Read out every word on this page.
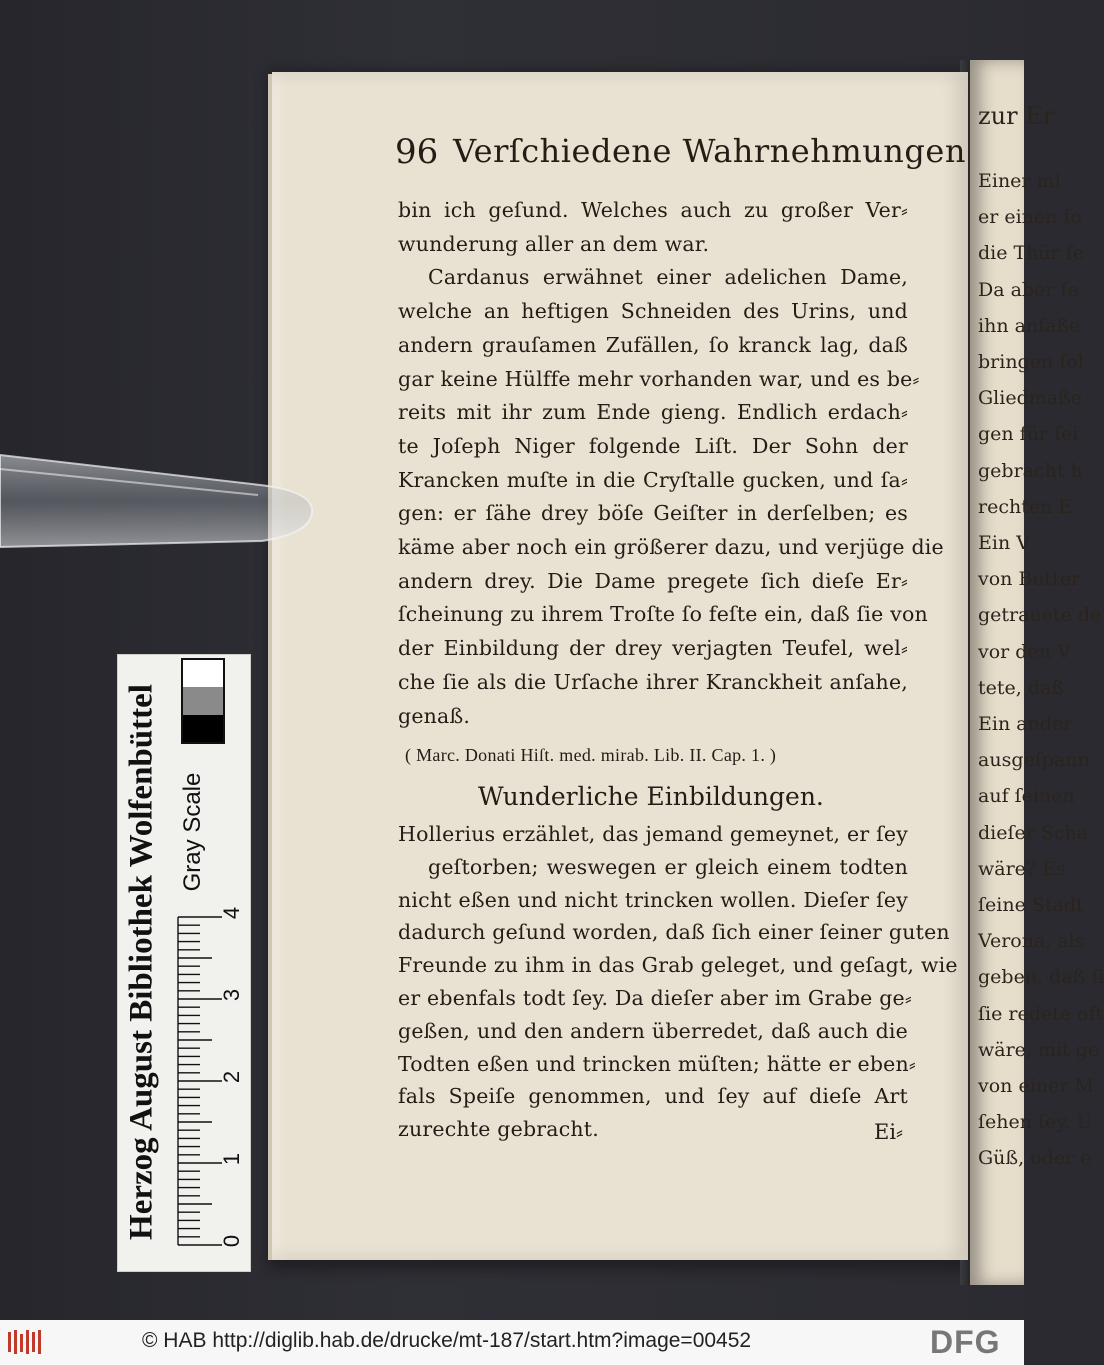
zur Er
Einer mi
er einen ſo
die Thür ſe
Da aber ſe
ihn anfaße
bringen ſol
Gliedmaße
gen für ſei
gebracht h
rechten E
Ein V
von Butter
getrauete de
vor den V
tete, daß
Ein ander
ausgeſpann
auf ſeinen
dieſer Scha
wäre? Es
ſeine Stadt
Verona, als
geben, daß ſi
ſie redete oft
wäre, mit ge
von einer M
ſehen ſey. U
Güß, oder e
96 Verſchiedene Wahrnehmungen
bin ich geſund. Welches auch zu großer Ver⸗
wunderung aller an dem war.
Cardanus erwähnet einer adelichen Dame,
welche an heftigen Schneiden des Urins, und
andern grauſamen Zufällen, ſo kranck lag, daß
gar keine Hülffe mehr vorhanden war, und es be⸗
reits mit ihr zum Ende gieng. Endlich erdach⸗
te Joſeph Niger folgende Liſt. Der Sohn der
Krancken muſte in die Cryſtalle gucken, und ſa⸗
gen: er ſähe drey böſe Geiſter in derſelben; es
käme aber noch ein größerer dazu, und verjüge die
andern drey. Die Dame pregete ſich dieſe Er⸗
ſcheinung zu ihrem Troſte ſo feſte ein, daß ſie von
der Einbildung der drey verjagten Teufel, wel⸗
che ſie als die Urſache ihrer Kranckheit anſahe,
genaß.
( Marc. Donati Hiſt. med. mirab. Lib. II. Cap. 1. )
Wunderliche Einbildungen.
Hollerius erzählet, das jemand gemeynet, er ſey
geſtorben; weswegen er gleich einem todten
nicht eßen und nicht trincken wollen. Dieſer ſey
dadurch geſund worden, daß ſich einer ſeiner guten
Freunde zu ihm in das Grab geleget, und geſagt, wie
er ebenfals todt ſey. Da dieſer aber im Grabe ge⸗
geßen, und den andern überredet, daß auch die
Todten eßen und trincken müſten; hätte er eben⸗
fals Speiſe genommen, und ſey auf dieſe Art
zurechte gebracht.	Ei⸗
Herzog August Bibliothek Wolfenbüttel Gray Scale
0
1
2
3
4
© HAB http://diglib.hab.de/drucke/mt-187/start.htm?image=00452	DFG
